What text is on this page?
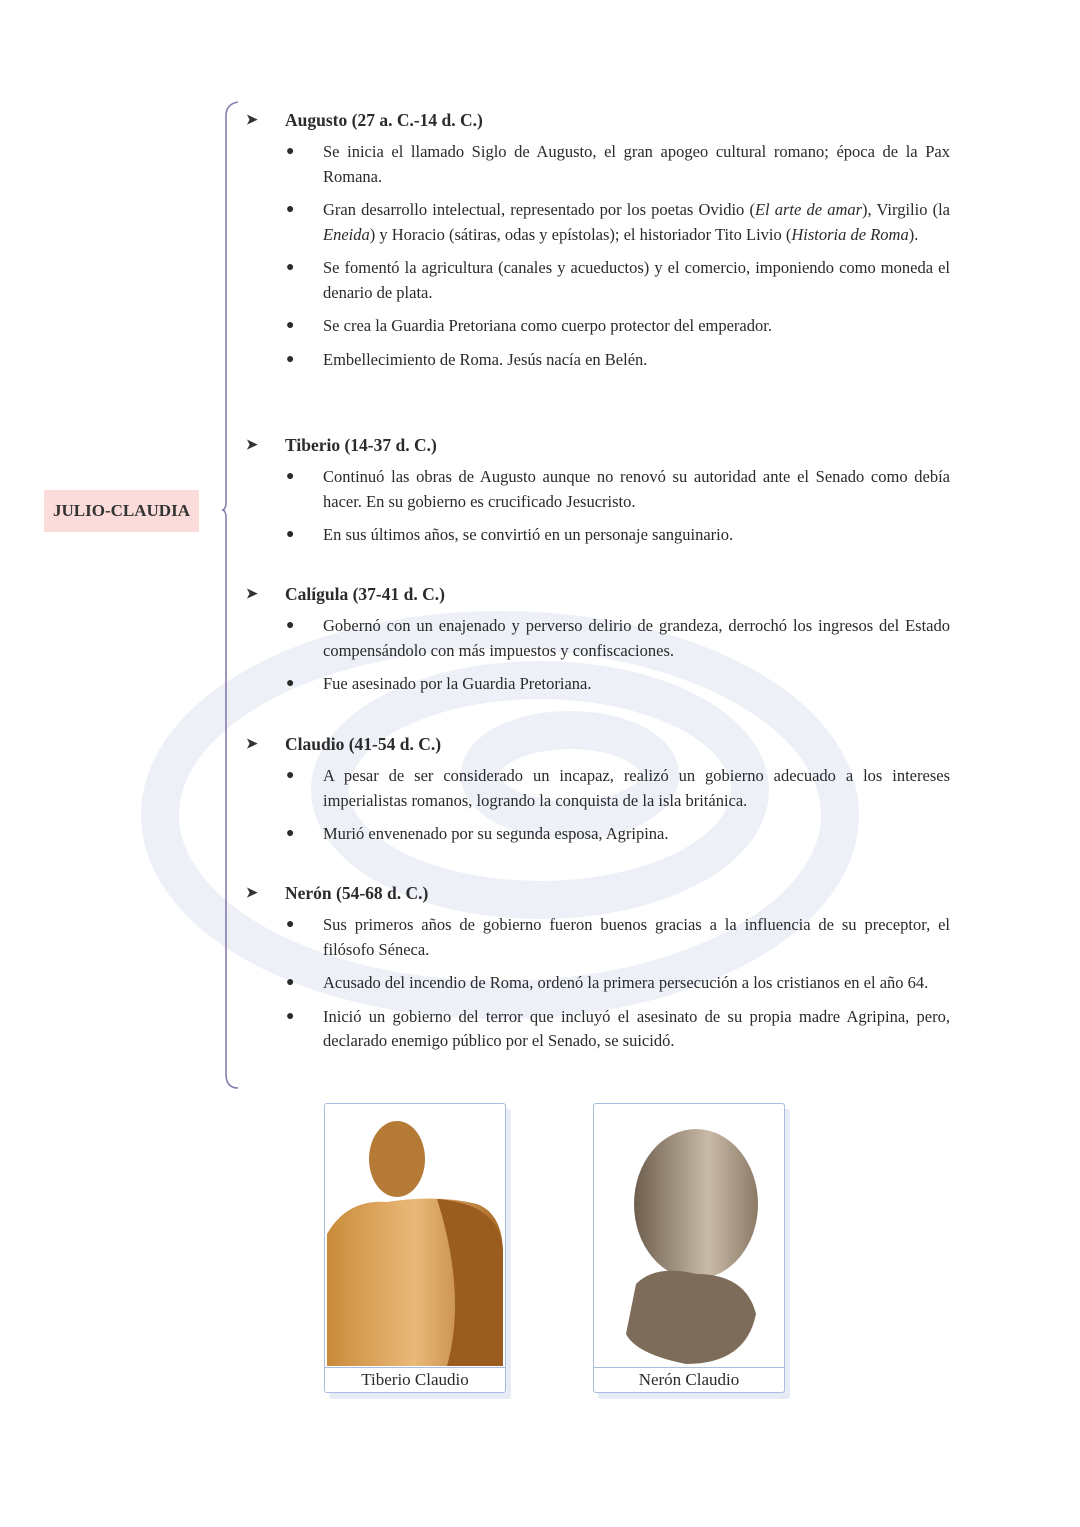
JULIO-CLAUDIA
➤	Augusto (27 a. C.-14 d. C.)
● Se inicia el llamado Siglo de Augusto, el gran apogeo cultural romano; época de la Pax Romana.
● Gran desarrollo intelectual, representado por los poetas Ovidio (El arte de amar), Virgilio (la Eneida) y Horacio (sátiras, odas y epístolas); el historiador Tito Livio (Historia de Roma).
● Se fomentó la agricultura (canales y acueductos) y el comercio, imponiendo como moneda el denario de plata.
● Se crea la Guardia Pretoriana como cuerpo protector del emperador.
● Embellecimiento de Roma. Jesús nacía en Belén.
➤	Tiberio (14-37 d. C.)
● Continuó las obras de Augusto aunque no renovó su autoridad ante el Senado como debía hacer. En su gobierno es crucificado Jesucristo.
● En sus últimos años, se convirtió en un personaje sanguinario.
➤	Calígula (37-41 d. C.)
● Gobernó con un enajenado y perverso delirio de grandeza, derrochó los ingresos del Estado compensándolo con más impuestos y confiscaciones.
● Fue asesinado por la Guardia Pretoriana.
➤	Claudio (41-54 d. C.)
● A pesar de ser considerado un incapaz, realizó un gobierno adecuado a los intereses imperialistas romanos, logrando la conquista de la isla británica.
● Murió envenenado por su segunda esposa, Agripina.
➤	Nerón (54-68 d. C.)
● Sus primeros años de gobierno fueron buenos gracias a la influencia de su preceptor, el filósofo Séneca.
● Acusado del incendio de Roma, ordenó la primera persecución a los cristianos en el año 64.
● Inició un gobierno del terror que incluyó el asesinato de su propia madre Agripina, pero, declarado enemigo público por el Senado, se suicidó.
Tiberio Claudio	Nerón Claudio
